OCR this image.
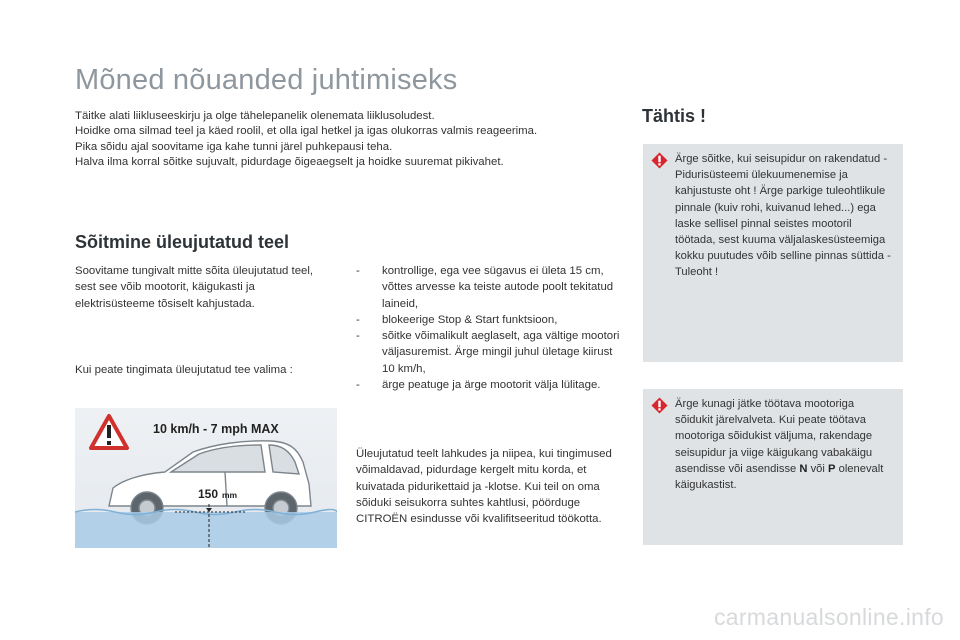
Mõned nõuanded juhtimiseks

Täitke alati liikluseeskirju ja olge tähelepanelik olenemata liiklusoludest.

Hoidke oma silmad teel ja käed roolil, et olla igal hetkel ja igas olukorras valmis reageerima.

Pika sõidu ajal soovitame iga kahe tunni järel puhkepausi teha.

Halva ilma korral sõitke sujuvalt, pidurdage õigeaegselt ja hoidke suuremat pikivahet.

Sõitmine üleujutatud teel

Soovitame tungivalt mitte sõita üleujutatud teel, sest see võib mootorit, käigukasti ja elektrisüsteeme tõsiselt kahjustada.

Kui peate tingimata üleujutatud tee valima :

- kontrollige, ega vee sügavus ei ületa 15 cm, võttes arvesse ka teiste autode poolt tekitatud laineid,
- blokeerige Stop & Start funktsioon,
- sõitke võimalikult aeglaselt, aga vältige mootori väljasuremist. Ärge mingil juhul ületage kiirust 10 km/h,
- ärge peatuge ja ärge mootorit välja lülitage.

Üleujutatud teelt lahkudes ja niipea, kui tingimused võimaldavad, pidurdage kergelt mitu korda, et kuivatada pidurikettaid ja -klotse. Kui teil on oma sõiduki seisukorra suhtes kahtlusi, pöörduge CITROËN esindusse või kvalifitseeritud töökotta.

10 km/h - 7 mph MAX
150 mm
Tähtis !

Ärge sõitke, kui seisupidur on rakendatud - Pidurisüsteemi ülekuumenemise ja kahjustuste oht ! Ärge parkige tuleohtlikule pinnale (kuiv rohi, kuivanud lehed...) ega laske sellisel pinnal seistes mootoril töötada, sest kuuma väljalaskesüsteemiga kokku puutudes võib selline pinnas süttida - Tuleoht !

Ärge kunagi jätke töötava mootoriga sõidukit järelvalveta. Kui peate töötava mootoriga sõidukist väljuma, rakendage seisupidur ja viige käigukang vabakäigu asendisse või asendisse N või P olenevalt käigukastist.

carmanualsonline.info
